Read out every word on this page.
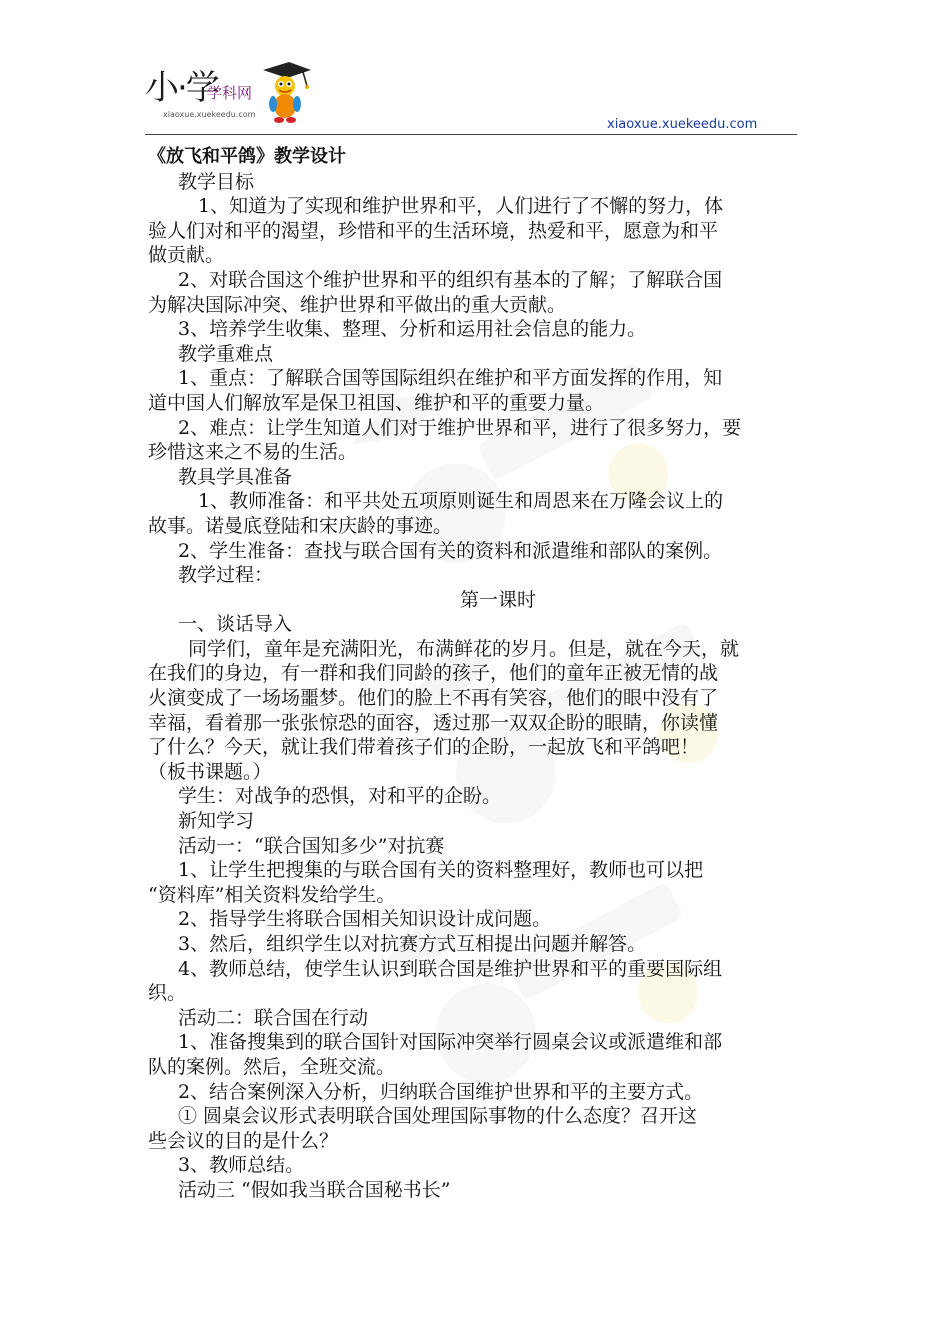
小·学
学科网
xiaoxue.xuekeedu.com
xiaoxue.xuekeedu.com
《放飞和平鸽》教学设计
教学目标
1、知道为了实现和维护世界和平，人们进行了不懈的努力，体
验人们对和平的渴望，珍惜和平的生活环境，热爱和平，愿意为和平
做贡献。
2、对联合国这个维护世界和平的组织有基本的了解；了解联合国
为解决国际冲突、维护世界和平做出的重大贡献。
3、培养学生收集、整理、分析和运用社会信息的能力。
教学重难点
1、重点：了解联合国等国际组织在维护和平方面发挥的作用，知
道中国人们解放军是保卫祖国、维护和平的重要力量。
2、难点：让学生知道人们对于维护世界和平，进行了很多努力，要
珍惜这来之不易的生活。
教具学具准备
1、教师准备：和平共处五项原则诞生和周恩来在万隆会议上的
故事。诺曼底登陆和宋庆龄的事迹。
2、学生准备：查找与联合国有关的资料和派遣维和部队的案例。
教学过程：
第一课时
一、谈话导入
同学们，童年是充满阳光，布满鲜花的岁月。但是，就在今天，就
在我们的身边，有一群和我们同龄的孩子，他们的童年正被无情的战
火演变成了一场场噩梦。他们的脸上不再有笑容，他们的眼中没有了
幸福，看着那一张张惊恐的面容，透过那一双双企盼的眼睛，你读懂
了什么？今天，就让我们带着孩子们的企盼，一起放飞和平鸽吧！
（板书课题。）
学生：对战争的恐惧，对和平的企盼。
新知学习
活动一：“联合国知多少”对抗赛
1、让学生把搜集的与联合国有关的资料整理好，教师也可以把
“资料库”相关资料发给学生。
2、指导学生将联合国相关知识设计成问题。
3、然后，组织学生以对抗赛方式互相提出问题并解答。
4、教师总结，使学生认识到联合国是维护世界和平的重要国际组
织。
活动二：联合国在行动
1、准备搜集到的联合国针对国际冲突举行圆桌会议或派遣维和部
队的案例。然后，全班交流。
2、结合案例深入分析，归纳联合国维护世界和平的主要方式。
① 圆桌会议形式表明联合国处理国际事物的什么态度？召开这
些会议的目的是什么？
3、教师总结。
活动三 “假如我当联合国秘书长”
